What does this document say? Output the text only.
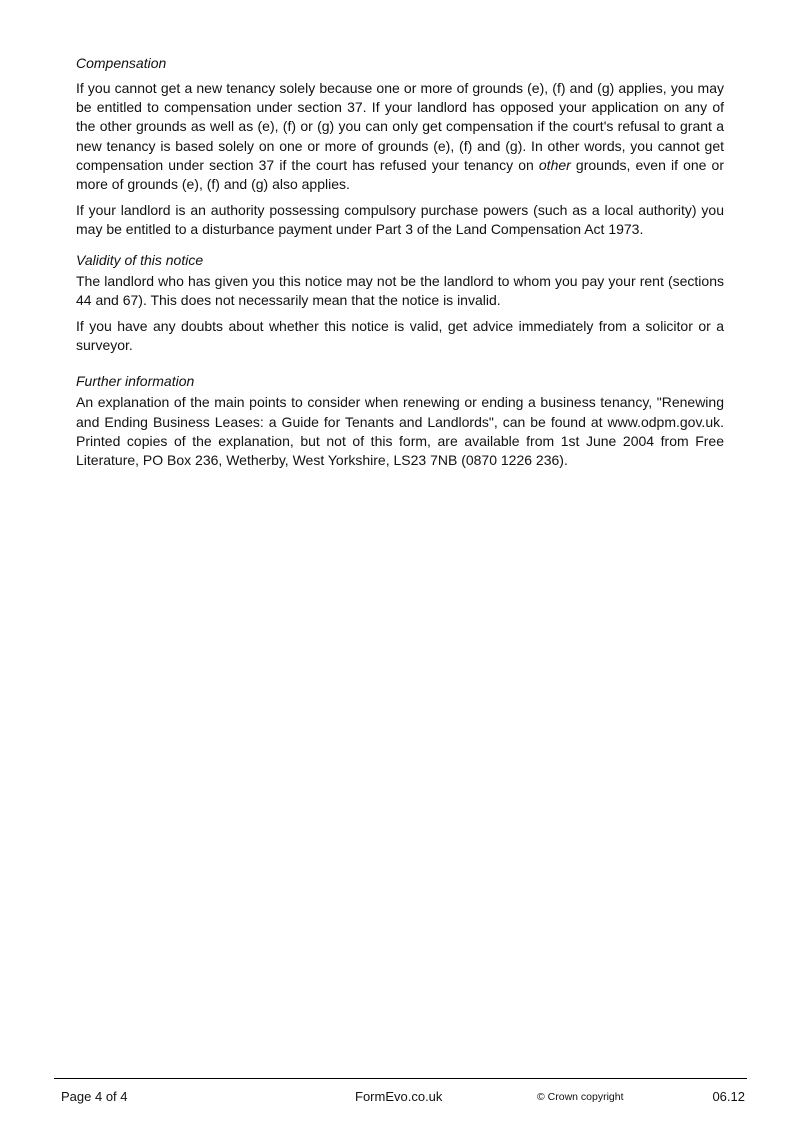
Compensation

If you cannot get a new tenancy solely because one or more of grounds (e), (f) and (g) applies, you may be entitled to compensation under section 37. If your landlord has opposed your application on any of the other grounds as well as (e), (f) or (g) you can only get compensation if the court's refusal to grant a new tenancy is based solely on one or more of grounds (e), (f) and (g). In other words, you cannot get compensation under section 37 if the court has refused your tenancy on other grounds, even if one or more of grounds (e), (f) and (g) also applies.

If your landlord is an authority possessing compulsory purchase powers (such as a local authority) you may be entitled to a disturbance payment under Part 3 of the Land Compensation Act 1973.

Validity of this notice

The landlord who has given you this notice may not be the landlord to whom you pay your rent (sections 44 and 67). This does not necessarily mean that the notice is invalid.

If you have any doubts about whether this notice is valid, get advice immediately from a solicitor or a surveyor.

Further information

An explanation of the main points to consider when renewing or ending a business tenancy, "Renewing and Ending Business Leases: a Guide for Tenants and Landlords", can be found at www.odpm.gov.uk. Printed copies of the explanation, but not of this form, are available from 1st June 2004 from Free Literature, PO Box 236, Wetherby, West Yorkshire, LS23 7NB (0870 1226 236).

Page 4 of 4	FormEvo.co.uk	© Crown copyright	06.12
